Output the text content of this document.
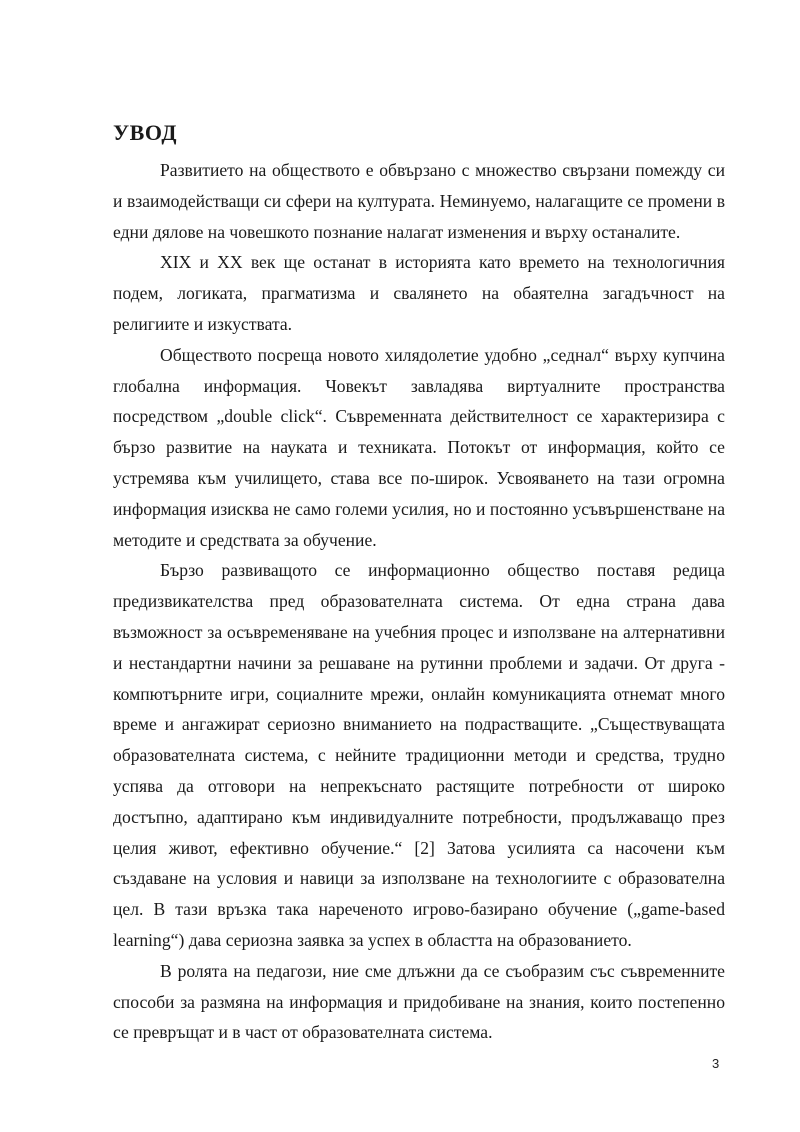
УВОД

Развитието на обществото е обвързано с множество свързани помежду си и взаимодействащи си сфери на културата. Неминуемо, налагащите се промени в едни дялове на човешкото познание налагат изменения и върху останалите.

XIX и XX век ще останат в историята като времето на технологичния подем, логиката, прагматизма и свалянето на обаятелна загадъчност на религиите и изкуствата.

Обществото посреща новото хилядолетие удобно „седнал“ върху купчина глобална информация. Човекът завладява виртуалните пространства посредством „double click“. Съвременната действителност се характеризира с бързо развитие на науката и техниката. Потокът от информация, който се устремява към училището, става все по-широк. Усвояването на тази огромна информация изисква не само големи усилия, но и постоянно усъвършенстване на методите и средствата за обучение.

Бързо развиващото се информационно общество поставя редица предизвикателства пред образователната система. От една страна дава възможност за осъвременяване на учебния процес и използване на алтернативни и нестандартни начини за решаване на рутинни проблеми и задачи. От друга - компютърните игри, социалните мрежи, онлайн комуникацията отнемат много време и ангажират сериозно вниманието на подрастващите. „Съществуващата образователната система, с нейните традиционни методи и средства, трудно успява да отговори на непрекъснато растящите потребности от широко достъпно, адаптирано към индивидуалните потребности, продължаващо през целия живот, ефективно обучение.“ [2] Затова усилията са насочени към създаване на условия и навици за използване на технологиите с образователна цел. В тази връзка така нареченото игрово-базирано обучение („game-based learning“) дава сериозна заявка за успех в областта на образованието.

В ролята на педагози, ние сме длъжни да се съобразим със съвременните способи за размяна на информация и придобиване на знания, които постепенно се превръщат и в част от образователната система.

3
